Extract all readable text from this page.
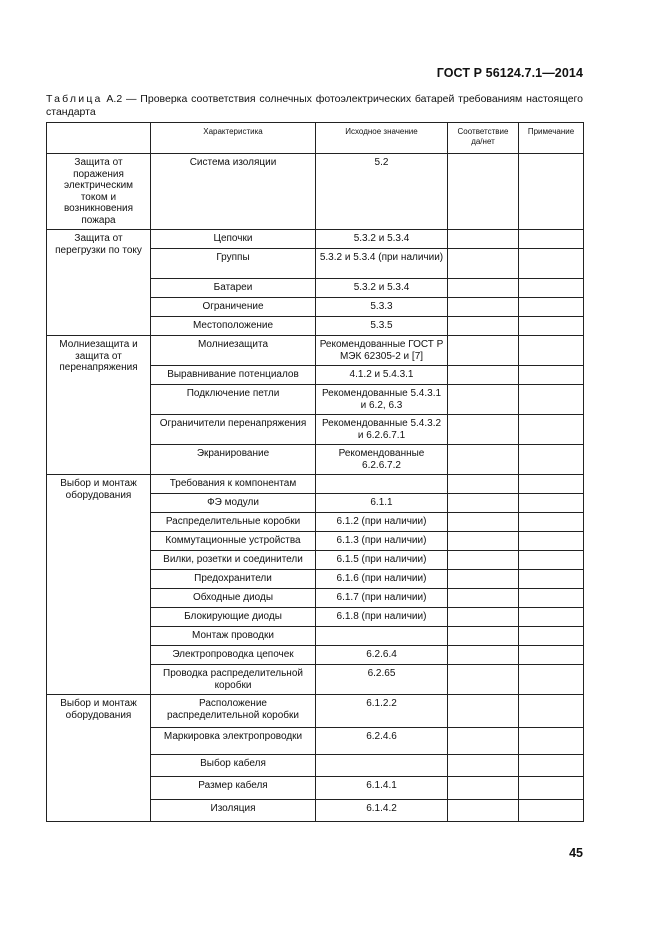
ГОСТ Р 56124.7.1—2014
Таблица А.2 — Проверка соответствия солнечных фотоэлектрических батарей требованиям настоящего стандарта
	Характеристика	Исходное значение	Соответствие да/нет	Примечание
Защита от поражения электрическим током и возникновения пожара	Система изоляции	5.2		
Защита от перегрузки по току	Цепочки	5.3.2 и 5.3.4		
	Группы	5.3.2 и 5.3.4 (при наличии)		
	Батареи	5.3.2 и 5.3.4		
	Ограничение	5.3.3		
	Местоположение	5.3.5		
Молниезащита и защита от перенапряжения	Молниезащита	Рекомендованные ГОСТ Р МЭК 62305-2 и [7]		
	Выравнивание потенциалов	4.1.2 и 5.4.3.1		
	Подключение петли	Рекомендованные 5.4.3.1 и 6.2, 6.3		
	Ограничители перенапряжения	Рекомендованные 5.4.3.2 и 6.2.6.7.1		
	Экранирование	Рекомендованные 6.2.6.7.2		
Выбор и монтаж оборудования	Требования к компонентам			
	ФЭ модули	6.1.1		
	Распределительные коробки	6.1.2 (при наличии)		
	Коммутационные устройства	6.1.3 (при наличии)		
	Вилки, розетки и соединители	6.1.5 (при наличии)		
	Предохранители	6.1.6 (при наличии)		
	Обходные диоды	6.1.7 (при наличии)		
	Блокирующие диоды	6.1.8 (при наличии)		
	Монтаж проводки			
	Электропроводка цепочек	6.2.6.4		
	Проводка распределительной коробки	6.2.65		
Выбор и монтаж оборудования	Расположение распределительной коробки	6.1.2.2		
	Маркировка электропроводки	6.2.4.6		
	Выбор кабеля			
	Размер кабеля	6.1.4.1		
	Изоляция	6.1.4.2		
45
